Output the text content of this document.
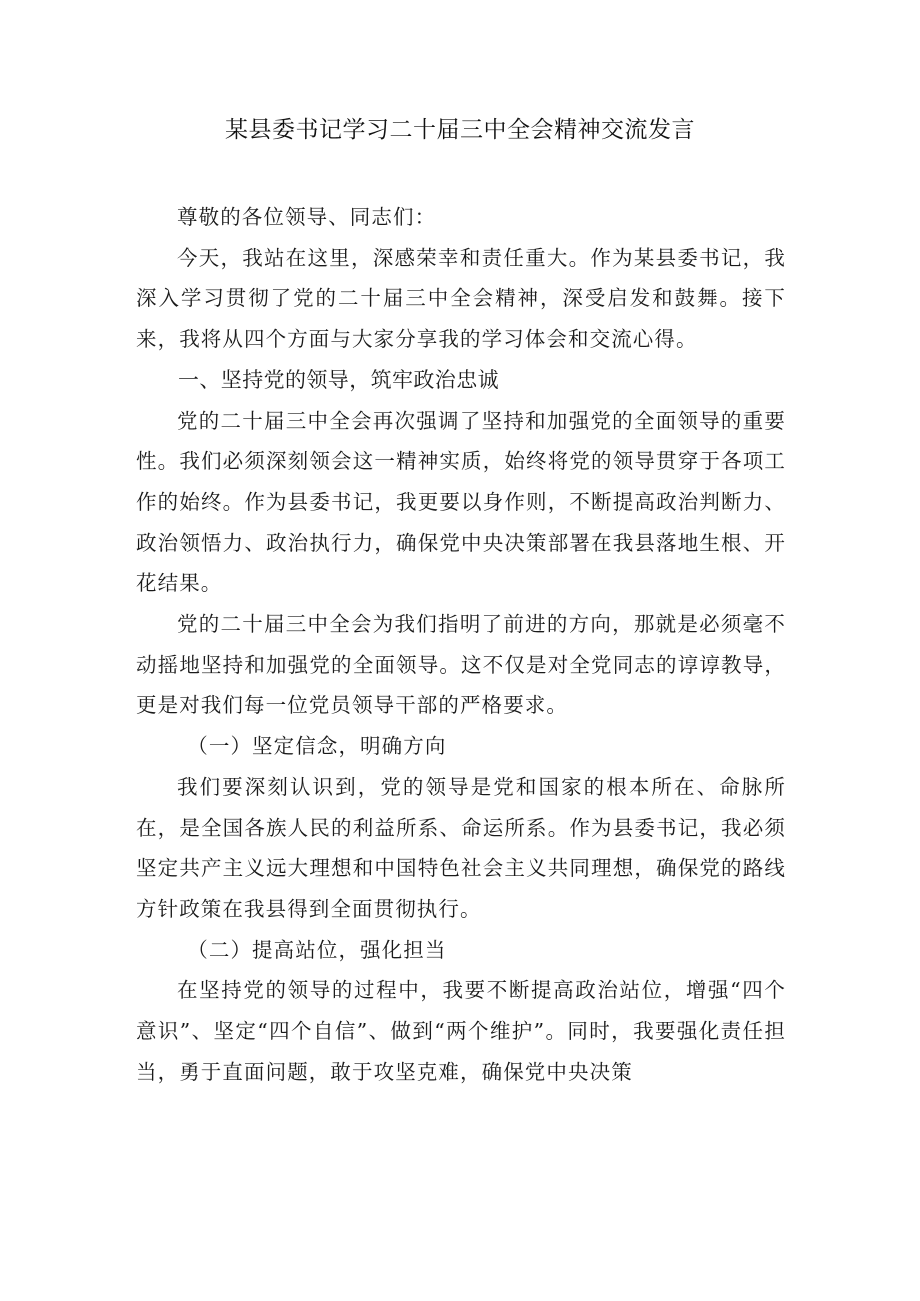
某县委书记学习二十届三中全会精神交流发言

尊敬的各位领导、同志们：

今天，我站在这里，深感荣幸和责任重大。作为某县委书记，我深入学习贯彻了党的二十届三中全会精神，深受启发和鼓舞。接下来，我将从四个方面与大家分享我的学习体会和交流心得。

一、坚持党的领导，筑牢政治忠诚

党的二十届三中全会再次强调了坚持和加强党的全面领导的重要性。我们必须深刻领会这一精神实质，始终将党的领导贯穿于各项工作的始终。作为县委书记，我更要以身作则，不断提高政治判断力、政治领悟力、政治执行力，确保党中央决策部署在我县落地生根、开花结果。

党的二十届三中全会为我们指明了前进的方向，那就是必须毫不动摇地坚持和加强党的全面领导。这不仅是对全党同志的谆谆教导，更是对我们每一位党员领导干部的严格要求。

（一）坚定信念，明确方向

我们要深刻认识到，党的领导是党和国家的根本所在、命脉所在，是全国各族人民的利益所系、命运所系。作为县委书记，我必须坚定共产主义远大理想和中国特色社会主义共同理想，确保党的路线方针政策在我县得到全面贯彻执行。

（二）提高站位，强化担当

在坚持党的领导的过程中，我要不断提高政治站位，增强“四个意识”、坚定“四个自信”、做到“两个维护”。同时，我要强化责任担当，勇于直面问题，敢于攻坚克难，确保党中央决策
